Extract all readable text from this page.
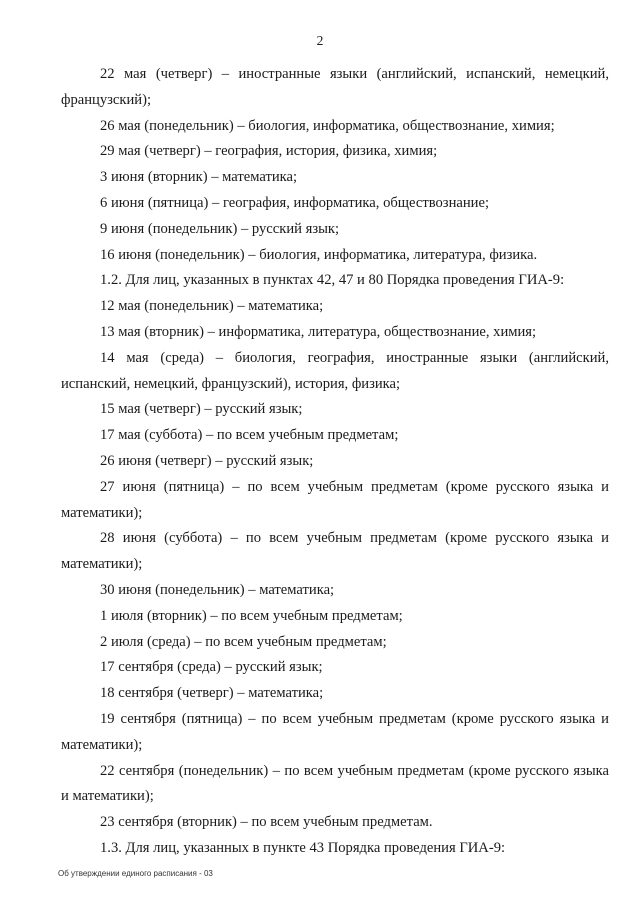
2

22 мая (четверг) – иностранные языки (английский, испанский, немецкий, французский);

26 мая (понедельник) – биология, информатика, обществознание, химия;

29 мая (четверг) – география, история, физика, химия;

3 июня (вторник) – математика;

6 июня (пятница) – география, информатика, обществознание;

9 июня (понедельник) – русский язык;

16 июня (понедельник) – биология, информатика, литература, физика.

1.2. Для лиц, указанных в пунктах 42, 47 и 80 Порядка проведения ГИА-9:

12 мая (понедельник) – математика;

13 мая (вторник) – информатика, литература, обществознание, химия;

14 мая (среда) – биология, география, иностранные языки (английский, испанский, немецкий, французский), история, физика;

15 мая (четверг) – русский язык;

17 мая (суббота) – по всем учебным предметам;

26 июня (четверг) – русский язык;

27 июня (пятница) – по всем учебным предметам (кроме русского языка и математики);

28 июня (суббота) – по всем учебным предметам (кроме русского языка и математики);

30 июня (понедельник) – математика;

1 июля (вторник) – по всем учебным предметам;

2 июля (среда) – по всем учебным предметам;

17 сентября (среда) – русский язык;

18 сентября (четверг) – математика;

19 сентября (пятница) – по всем учебным предметам (кроме русского языка и математики);

22 сентября (понедельник) – по всем учебным предметам (кроме русского языка и математики);

23 сентября (вторник) – по всем учебным предметам.

1.3. Для лиц, указанных в пункте 43 Порядка проведения ГИА-9:

Об утверждении единого расписания - 03
